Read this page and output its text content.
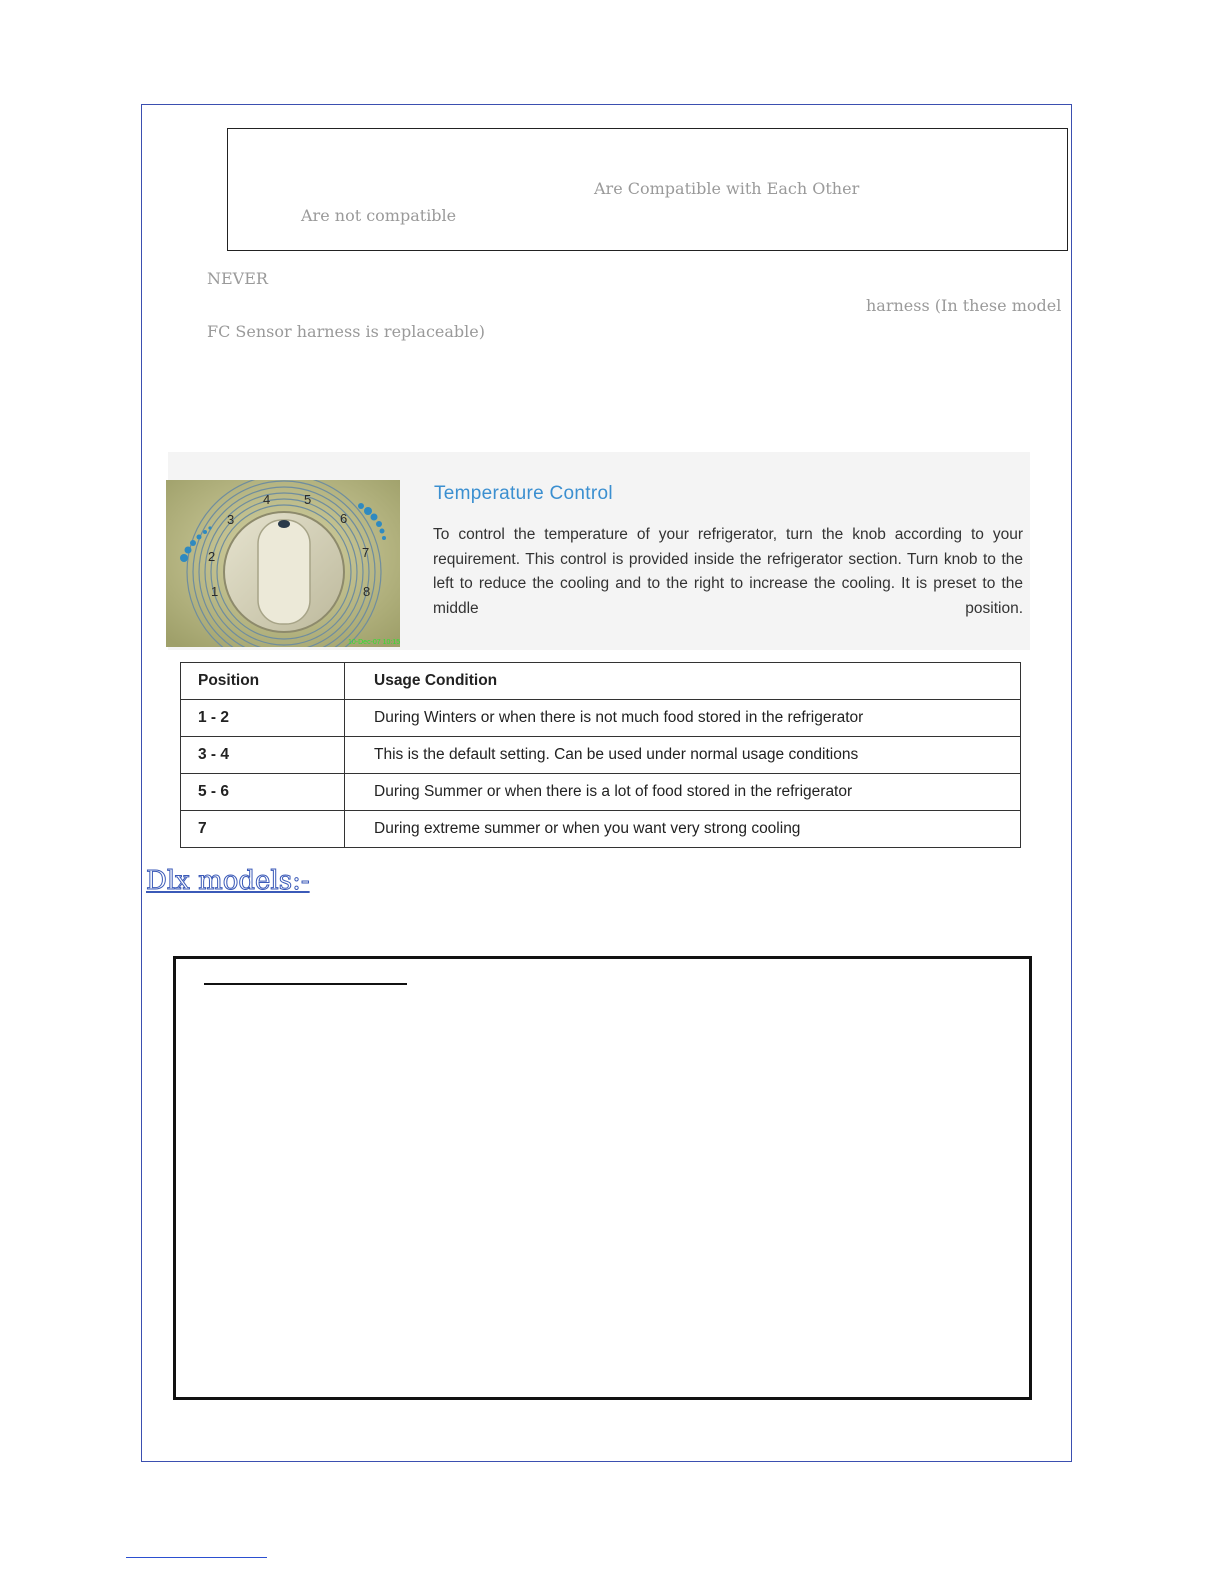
Are Compatible with Each Other
Are not compatible
NEVER
harness (In these model
FC Sensor harness is replaceable)
1
2
3
4	5
6
7
8
10-Dec-07 10:15
Temperature Control
To control the temperature of your refrigerator, turn the knob according to your requirement. This control is provided inside the refrigerator section. Turn knob to the left to reduce the cooling and to the right to increase the cooling. It is preset to the middle position.
Position	Usage Condition
1 - 2	During Winters or when there is not much food stored in the refrigerator
3 - 4	This is the default setting. Can be used under normal usage conditions
5 - 6	During Summer or when there is a lot of food stored in the refrigerator
7	During extreme summer or when you want very strong cooling
Dlx models:-
